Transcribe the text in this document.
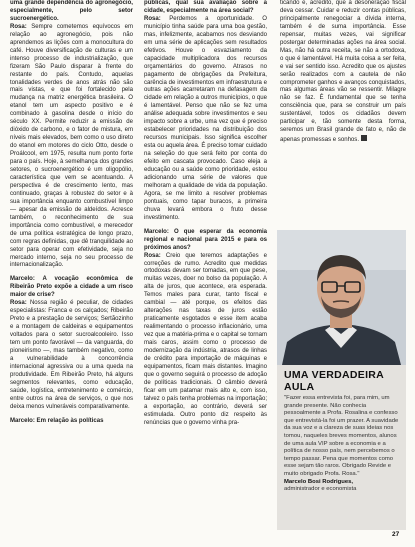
uma grande dependência do agronegócio, especialmente, pelo setor sucroenergético.

Rosa: Sempre cometemos equívocos em relação ao agronegócio, pois não aprendemos as lições com a monocultura do café. Houve diversificação de culturas e um intenso processo de industrialização, que fizeram São Paulo disparar à frente do restante do país. Contudo, aquelas tonalidades verdes de anos atrás não são mais vistas, e que foi fortalecido pela mudança na matriz energética brasileira. O etanol tem um aspecto positivo e é combinado à gasolina desde o início do século XX. Permite reduzir a emissão de dióxido de carbono, e o fator de mistura, em níveis mais elevados, bem como o uso direto do etanol em motores do ciclo Otto, desde o Proálcool, em 1975, resulta num ponto forte para o país. Hoje, à semelhança dos grandes setores, o sucroenergético é um oligopólio, característica que vem se acentuando. A perspectiva é de crescimento lento, mas continuado, graças à robustez do setor e à sua importância enquanto combustível limpo — apesar da emissão de aldeídos. Acresce também, o reconhecimento de sua importância como combustível, e merecedor de uma política estratégica de longo prazo, com regras definidas, que dê tranquilidade ao setor para operar com efetividade, seja no mercado interno, seja no seu processo de internacionalização.

Marcelo: A vocação econômica de Ribeirão Preto expõe a cidade a um risco maior de crise?

Rosa: Nossa região é peculiar, de cidades especialistas: Franca e os calçados; Ribeirão Preto e a prestação de serviços; Sertãozinho e a montagem de caldeiras e equipamentos voltados para o setor sucroalcooleiro. Isso tem um ponto favorável — da vanguarda, do pioneirismo —, mas também negativo, como a vulnerabilidade à concorrência internacional agressiva ou a uma queda na produtividade. Em Ribeirão Preto, há alguns segmentos relevantes, como educação, saúde, logística, entretenimento e comércio, entre outros na área de serviços, o que nos deixa menos vulneráveis comparativamente.

Marcelo: Em relação às políticas

públicas, qual sua avaliação sobre a cidade, especialmente na área social?

Rosa: Perdemos a oportunidade. O município tinha saúde para uma boa gestão, mas, infelizmente, acabamos nos desviando em uma série de aplicações sem resultados efetivos. Houve o esvaziamento da capacidade multiplicadora dos recursos orçamentários do governo. Atrasos no pagamento de obrigações da Prefeitura, carência de investimentos em infraestrutura e outras ações acarretaram na defasagem da cidade em relação a outros municípios, o que é lamentável. Penso que não se fez uma análise adequada sobre investimentos e seu impacto sobre a urbe, uma vez que é preciso estabelecer prioridades na distribuição dos recursos municipais. Isso significa escolher esta ou aquela área. É preciso tomar cuidado na seleção do que será feito por conta do efeito em cascata provocado. Caso eleja a educação ou a saúde como prioridade, estou adicionando uma série de valores que melhoram a qualidade de vida da população. Agora, se me limito a resolver problemas pontuais, como tapar buracos, a primeira chuva levará embora o fruto desse investimento.

Marcelo: O que esperar da economia regional e nacional para 2015 e para os próximos anos?

Rosa: Creio que teremos adaptações e correções de rumo. Acredito que medidas ortodoxas devam ser tomadas, em que pese, muitas vezes, doer no bolso da população. A alta de juros, que acontece, era esperada. Temos males para curar, tanto fiscal e cambial — até porque, os efeitos das alterações nas taxas de juros estão praticamente esgotados e esse item acaba realimentando o processo inflacionário, uma vez que a matéria-prima e o capital se tornam mais caros, assim como o processo de modernização da indústria, atrasos de linhas de crédito para importação de máquinas e equipamentos, ficam mais distantes. Imagino que o governo seguirá o processo de adoção de políticas tradicionais. O câmbio deverá ficar em um patamar mais alto e, com isso, talvez o país tenha problemas na importação; a exportação, ao contrário, deverá ser estimulada. Outro ponto diz respeito às renúncias que o governo vinha pra-

ticando e, acredito, que a desoneração fiscal deva cessar. Cuidar e reduzir contas públicas, principalmente renegociar a dívida interna, também é de suma importância. Esse repensar, muitas vezes, vai significar postergar determinadas ações na área social. Mas, não há outra receita, se não a ortodoxa, o que é lamentável. Há muita coisa a ser feita, e vai ser sentido isso. Acredito que os ajustes serão realizados com a cautela de não comprometer ganhos e avanços conquistados, mas algumas áreas vão se ressentir. Milagre não se faz. É fundamental que se tenha consciência que, para se construir um país sustentável, todos os cidadãos devem participar e, tão somente desta forma, seremos um Brasil grande de fato e, não de apenas promessas e sonhos.

UMA VERDADEIRA AULA
"Fazer essa entrevista foi, para mim, um grande presente. Não conhecia pessoalmente a Profa. Rosalina e confesso que entrevistá-la foi um prazer. A suavidade da sua voz e a clareza de suas ideias nos tomou, naqueles breves momentos, alunos de uma aula VIP sobre a economia e a política de nosso país, nem percebemos o tempo passar. Pena que momentos como esse sejam tão raros. Obrigado Revide e muito obrigado Profa. Rosa."
Marcelo Bosi Rodrigues,
administrador e economista
27
